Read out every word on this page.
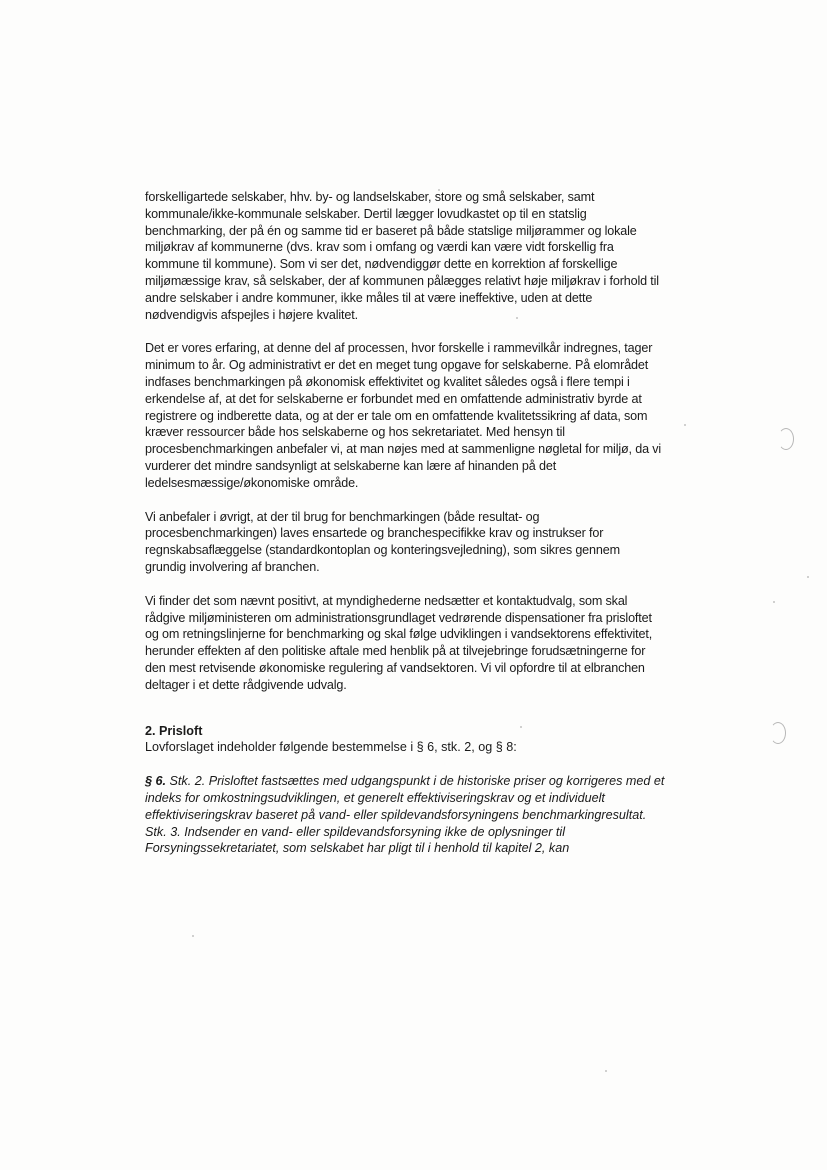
forskelligartede selskaber, hhv. by- og landselskaber, store og små selskaber, samt
kommunale/ikke-kommunale selskaber. Dertil lægger lovudkastet op til en statslig
benchmarking, der på én og samme tid er baseret på både statslige miljørammer og lokale
miljøkrav af kommunerne (dvs. krav som i omfang og værdi kan være vidt forskellig fra
kommune til kommune). Som vi ser det, nødvendiggør dette en korrektion af forskellige
miljømæssige krav, så selskaber, der af kommunen pålægges relativt høje miljøkrav i forhold til
andre selskaber i andre kommuner, ikke måles til at være ineffektive, uden at dette
nødvendigvis afspejles i højere kvalitet.

Det er vores erfaring, at denne del af processen, hvor forskelle i rammevilkår indregnes, tager
minimum to år. Og administrativt er det en meget tung opgave for selskaberne. På elområdet
indfases benchmarkingen på økonomisk effektivitet og kvalitet således også i flere tempi i
erkendelse af, at det for selskaberne er forbundet med en omfattende administrativ byrde at
registrere og indberette data, og at der er tale om en omfattende kvalitetssikring af data, som
kræver ressourcer både hos selskaberne og hos sekretariatet. Med hensyn til
procesbenchmarkingen anbefaler vi, at man nøjes med at sammenligne nøgletal for miljø, da vi
vurderer det mindre sandsynligt at selskaberne kan lære af hinanden på det
ledelsesmæssige/økonomiske område.

Vi anbefaler i øvrigt, at der til brug for benchmarkingen (både resultat- og
procesbenchmarkingen) laves ensartede og branchespecifikke krav og instrukser for
regnskabsaflæggelse (standardkontoplan og konteringsvejledning), som sikres gennem
grundig involvering af branchen.

Vi finder det som nævnt positivt, at myndighederne nedsætter et kontaktudvalg, som skal
rådgive miljøministeren om administrationsgrundlaget vedrørende dispensationer fra prisloftet
og om retningslinjerne for benchmarking og skal følge udviklingen i vandsektorens effektivitet,
herunder effekten af den politiske aftale med henblik på at tilvejebringe forudsætningerne for
den mest retvisende økonomiske regulering af vandsektoren. Vi vil opfordre til at elbranchen
deltager i et dette rådgivende udvalg.

2. Prisloft

Lovforslaget indeholder følgende bestemmelse i § 6, stk. 2, og § 8:

§ 6. Stk. 2. Prisloftet fastsættes med udgangspunkt i de historiske priser og korrigeres med et
indeks for omkostningsudviklingen, et generelt effektiviseringskrav og et individuelt
effektiviseringskrav baseret på vand- eller spildevandsforsyningens benchmarkingresultat.
Stk. 3. Indsender en vand- eller spildevandsforsyning ikke de oplysninger til
Forsyningssekretariatet, som selskabet har pligt til i henhold til kapitel 2, kan
